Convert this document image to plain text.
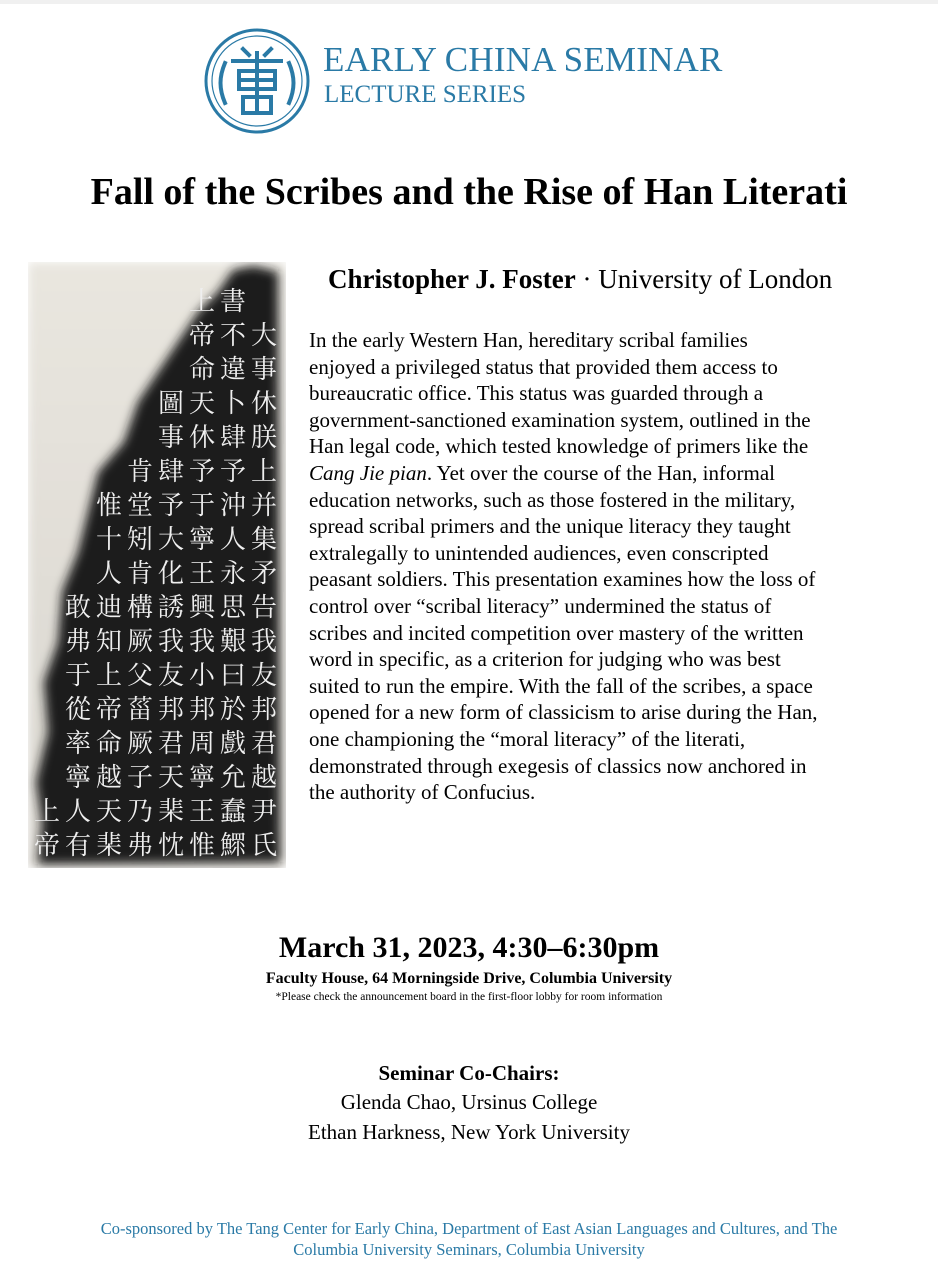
EARLY CHINA SEMINAR
LECTURE SERIES
Fall of the Scribes and the Rise of Han Literati
大
事
休
朕
上
并
集
矛
告
我
友
邦
君
越
尹
氏
書
不
違
卜
肆
予
沖
人
永
思
艱
曰
於
戲
允
蠢
鰥
上
帝
命
天
休
予
于
寧
王
興
我
小
邦
周
寧
王
惟
圖
事
肆
予
大
化
誘
我
友
邦
君
天
棐
忱
肯
堂
矧
肯
構
厥
父
菑
厥
子
乃
弗
惟
十
人
迪
知
上
帝
命
越
天
棐
敢
弗
于
從
率
寧
人
有
上
帝
Christopher J. Foster · University of London
In the early Western Han, hereditary scribal families
enjoyed a privileged status that provided them access to
bureaucratic office. This status was guarded through a
government-sanctioned examination system, outlined in the
Han legal code, which tested knowledge of primers like the
Cang Jie pian. Yet over the course of the Han, informal
education networks, such as those fostered in the military,
spread scribal primers and the unique literacy they taught
extralegally to unintended audiences, even conscripted
peasant soldiers. This presentation examines how the loss of
control over “scribal literacy” undermined the status of
scribes and incited competition over mastery of the written
word in specific, as a criterion for judging who was best
suited to run the empire. With the fall of the scribes, a space
opened for a new form of classicism to arise during the Han,
one championing the “moral literacy” of the literati,
demonstrated through exegesis of classics now anchored in
the authority of Confucius.
March 31, 2023, 4:30–6:30pm
Faculty House, 64 Morningside Drive, Columbia University
*Please check the announcement board in the first-floor lobby for room information
Seminar Co-Chairs:
Glenda Chao, Ursinus College
Ethan Harkness, New York University
Co-sponsored by The Tang Center for Early China, Department of East Asian Languages and Cultures, and The
Columbia University Seminars, Columbia University
